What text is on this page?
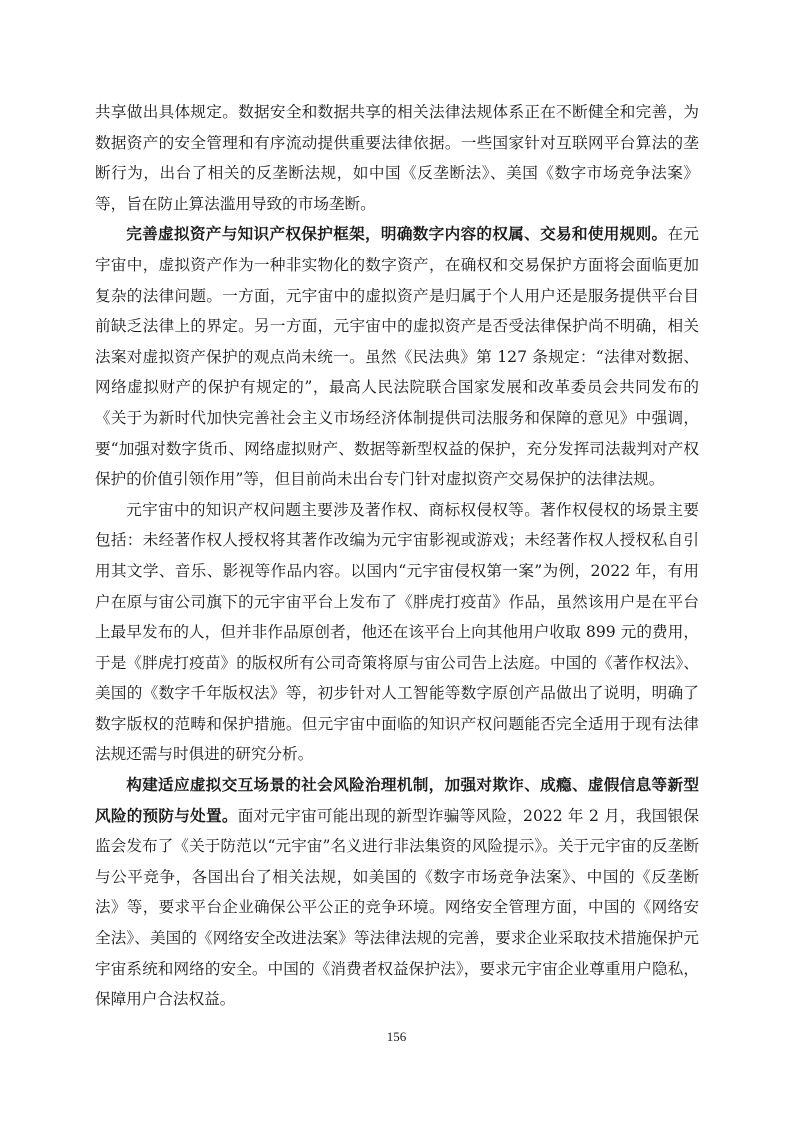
共享做出具体规定。数据安全和数据共享的相关法律法规体系正在不断健全和完善，为数据资产的安全管理和有序流动提供重要法律依据。一些国家针对互联网平台算法的垄断行为，出台了相关的反垄断法规，如中国《反垄断法》、美国《数字市场竞争法案》等，旨在防止算法滥用导致的市场垄断。

完善虚拟资产与知识产权保护框架，明确数字内容的权属、交易和使用规则。在元宇宙中，虚拟资产作为一种非实物化的数字资产，在确权和交易保护方面将会面临更加复杂的法律问题。一方面，元宇宙中的虚拟资产是归属于个人用户还是服务提供平台目前缺乏法律上的界定。另一方面，元宇宙中的虚拟资产是否受法律保护尚不明确，相关法案对虚拟资产保护的观点尚未统一。虽然《民法典》第 127 条规定：“法律对数据、网络虚拟财产的保护有规定的”，最高人民法院联合国家发展和改革委员会共同发布的《关于为新时代加快完善社会主义市场经济体制提供司法服务和保障的意见》中强调，要“加强对数字货币、网络虚拟财产、数据等新型权益的保护，充分发挥司法裁判对产权保护的价值引领作用”等，但目前尚未出台专门针对虚拟资产交易保护的法律法规。

元宇宙中的知识产权问题主要涉及著作权、商标权侵权等。著作权侵权的场景主要包括：未经著作权人授权将其著作改编为元宇宙影视或游戏；未经著作权人授权私自引用其文学、音乐、影视等作品内容。以国内“元宇宙侵权第一案”为例，2022 年，有用户在原与宙公司旗下的元宇宙平台上发布了《胖虎打疫苗》作品，虽然该用户是在平台上最早发布的人，但并非作品原创者，他还在该平台上向其他用户收取 899 元的费用，于是《胖虎打疫苗》的版权所有公司奇策将原与宙公司告上法庭。中国的《著作权法》、美国的《数字千年版权法》等，初步针对人工智能等数字原创产品做出了说明，明确了数字版权的范畴和保护措施。但元宇宙中面临的知识产权问题能否完全适用于现有法律法规还需与时俱进的研究分析。

构建适应虚拟交互场景的社会风险治理机制，加强对欺诈、成瘾、虚假信息等新型风险的预防与处置。面对元宇宙可能出现的新型诈骗等风险，2022 年 2 月，我国银保监会发布了《关于防范以“元宇宙”名义进行非法集资的风险提示》。关于元宇宙的反垄断与公平竞争，各国出台了相关法规，如美国的《数字市场竞争法案》、中国的《反垄断法》等，要求平台企业确保公平公正的竞争环境。网络安全管理方面，中国的《网络安全法》、美国的《网络安全改进法案》等法律法规的完善，要求企业采取技术措施保护元宇宙系统和网络的安全。中国的《消费者权益保护法》，要求元宇宙企业尊重用户隐私，保障用户合法权益。

156
